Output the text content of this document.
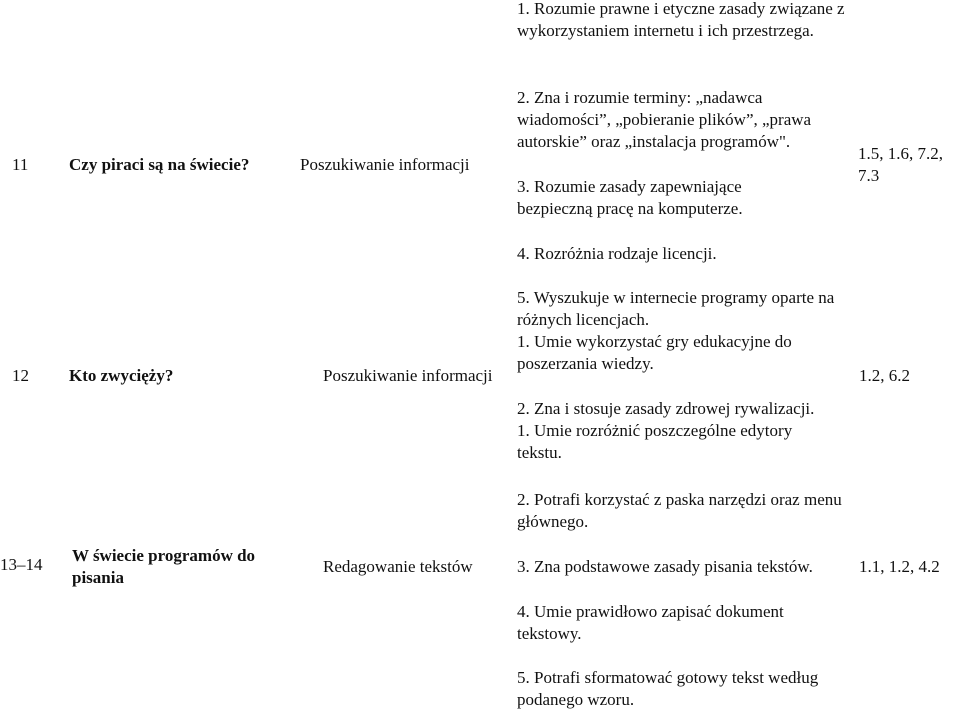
11 Czy piraci są na świecie?	Poszukiwanie informacji
1. Rozumie prawne i etyczne zasady związane z wykorzystaniem internetu i ich przestrzega.
2. Zna i rozumie terminy: „nadawca wiadomości”, „pobieranie plików”, „prawa autorskie” oraz „instalacja programów".
3. Rozumie zasady zapewniające bezpieczną pracę na komputerze.
4. Rozróżnia rodzaje licencji.
5. Wyszukuje w internecie programy oparte na różnych licencjach.
1.5, 1.6, 7.2,
7.3
12 Kto zwycięży?	Poszukiwanie informacji
1. Umie wykorzystać gry edukacyjne do poszerzania wiedzy.
2. Zna i stosuje zasady zdrowej rywalizacji.
1.2, 6.2
13–14 W świecie programów do pisania
Redagowanie tekstów
1. Umie rozróżnić poszczególne edytory tekstu.
2. Potrafi korzystać z paska narzędzi oraz menu głównego.
3. Zna podstawowe zasady pisania tekstów.
4. Umie prawidłowo zapisać dokument tekstowy.
5. Potrafi sformatować gotowy tekst według podanego wzoru.
1.1, 1.2, 4.2
